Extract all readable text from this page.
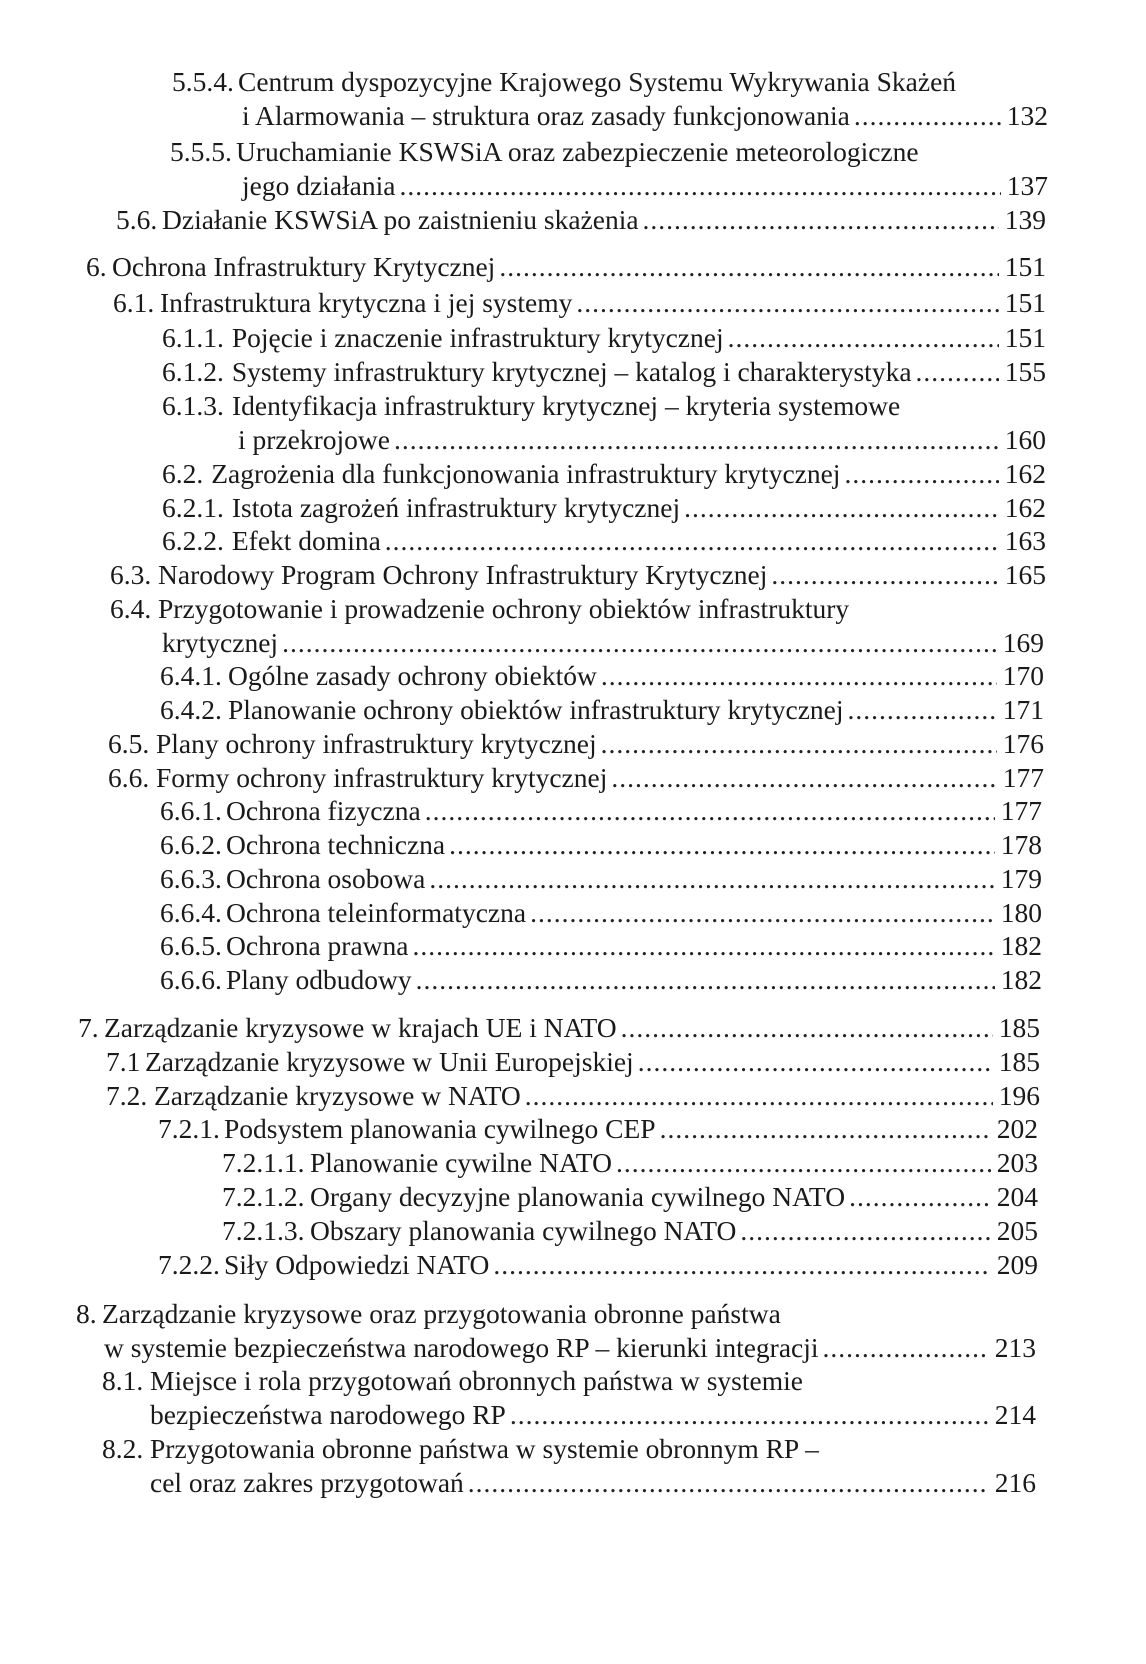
5.5.4. Centrum dyspozycyjne Krajowego Systemu Wykrywania Skażeń
i Alarmowania – struktura oraz zasady funkcjonowania .....	132
5.5.5. Uruchamianie KSWSiA oraz zabezpieczenie meteorologiczne
jego działania .....	137
5.6. Działanie KSWSiA po zaistnieniu skażenia .....	139
6. Ochrona Infrastruktury Krytycznej .....	151
6.1. Infrastruktura krytyczna i jej systemy .....	151
6.1.1. Pojęcie i znaczenie infrastruktury krytycznej .....	151
6.1.2. Systemy infrastruktury krytycznej – katalog i charakterystyka .....	155
6.1.3. Identyfikacja infrastruktury krytycznej – kryteria systemowe
i przekrojowe .....	160
6.2. Zagrożenia dla funkcjonowania infrastruktury krytycznej .....	162
6.2.1. Istota zagrożeń infrastruktury krytycznej .....	162
6.2.2. Efekt domina .....	163
6.3. Narodowy Program Ochrony Infrastruktury Krytycznej .....	165
6.4. Przygotowanie i prowadzenie ochrony obiektów infrastruktury
krytycznej .....	169
6.4.1. Ogólne zasady ochrony obiektów .....	170
6.4.2. Planowanie ochrony obiektów infrastruktury krytycznej .....	171
6.5. Plany ochrony infrastruktury krytycznej .....	176
6.6. Formy ochrony infrastruktury krytycznej .....	177
6.6.1. Ochrona fizyczna .....	177
6.6.2. Ochrona techniczna .....	178
6.6.3. Ochrona osobowa .....	179
6.6.4. Ochrona teleinformatyczna .....	180
6.6.5. Ochrona prawna .....	182
6.6.6. Plany odbudowy .....	182
7. Zarządzanie kryzysowe w krajach UE i NATO .....	185
7.1 Zarządzanie kryzysowe w Unii Europejskiej .....	185
7.2. Zarządzanie kryzysowe w NATO .....	196
7.2.1. Podsystem planowania cywilnego CEP .....	202
7.2.1.1. Planowanie cywilne NATO .....	203
7.2.1.2. Organy decyzyjne planowania cywilnego NATO .....	204
7.2.1.3. Obszary planowania cywilnego NATO .....	205
7.2.2. Siły Odpowiedzi NATO .....	209
8. Zarządzanie kryzysowe oraz przygotowania obronne państwa
w systemie bezpieczeństwa narodowego RP – kierunki integracji .....	213
8.1. Miejsce i rola przygotowań obronnych państwa w systemie
bezpieczeństwa narodowego RP .....	214
8.2. Przygotowania obronne państwa w systemie obronnym RP –
cel oraz zakres przygotowań .....	216
